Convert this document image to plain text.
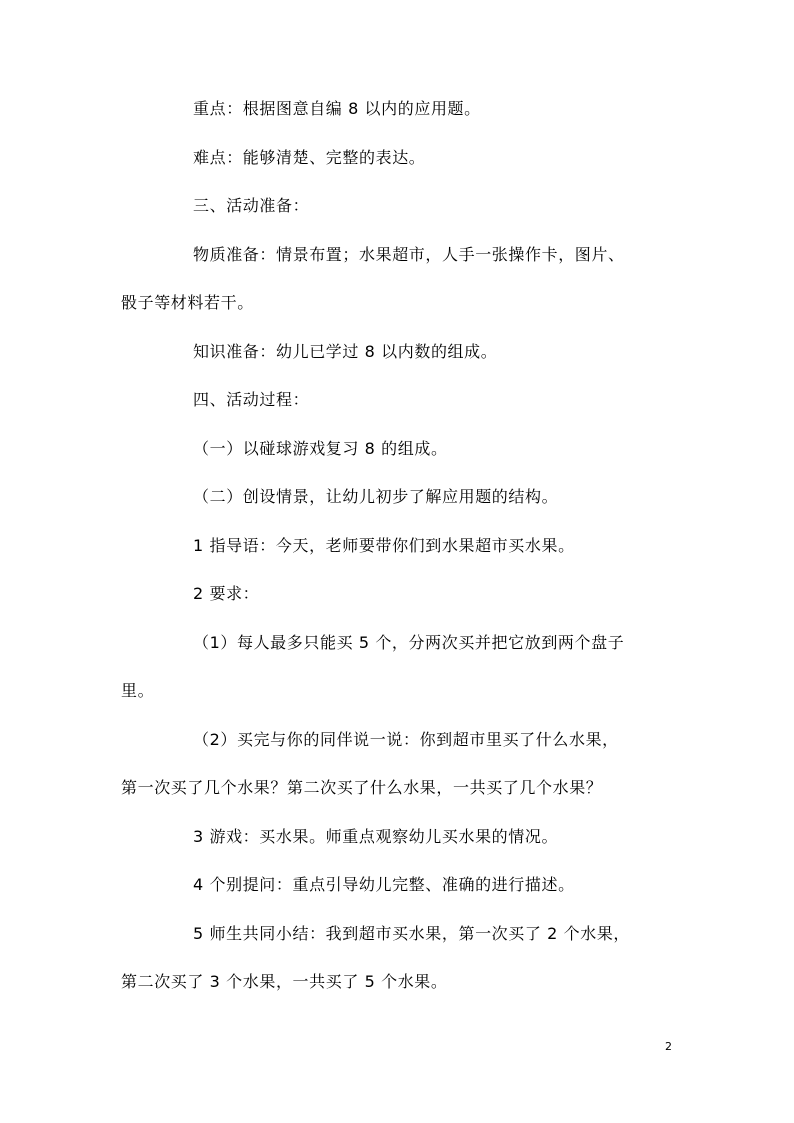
重点：根据图意自编 8 以内的应用题。
难点：能够清楚、完整的表达。
三、活动准备：
物质准备：情景布置；水果超市，人手一张操作卡，图片、
骰子等材料若干。
知识准备：幼儿已学过 8 以内数的组成。
四、活动过程：
（一）以碰球游戏复习 8 的组成。
（二）创设情景，让幼儿初步了解应用题的结构。
1 指导语：今天，老师要带你们到水果超市买水果。
2 要求：
（1）每人最多只能买 5 个，分两次买并把它放到两个盘子
里。
（2）买完与你的同伴说一说：你到超市里买了什么水果，
第一次买了几个水果？第二次买了什么水果，一共买了几个水果？
3 游戏：买水果。师重点观察幼儿买水果的情况。
4 个别提问：重点引导幼儿完整、准确的进行描述。
5 师生共同小结：我到超市买水果，第一次买了 2 个水果，
第二次买了 3 个水果，一共买了 5 个水果。
2
